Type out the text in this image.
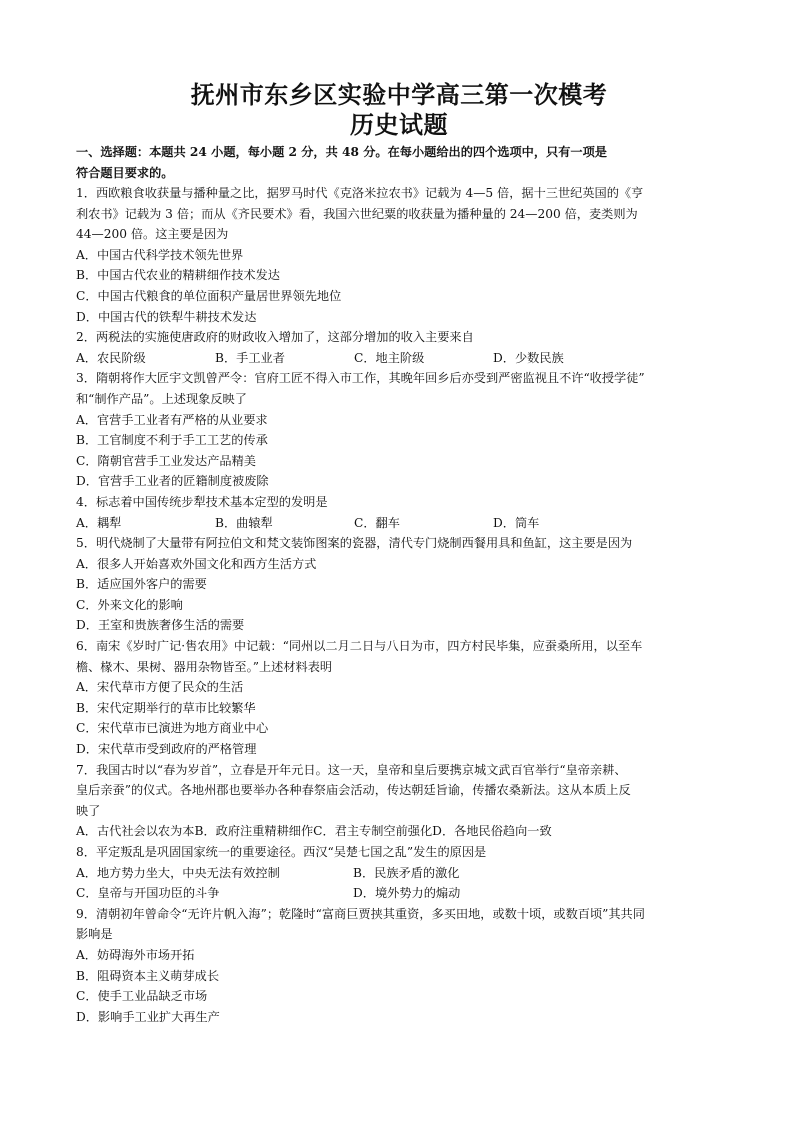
抚州市东乡区实验中学高三第一次模考
历史试题
一、选择题：本题共 24 小题，每小题 2 分，共 48 分。在每小题给出的四个选项中，只有一项是
符合题目要求的。
1．西欧粮食收获量与播种量之比，据罗马时代《克洛米拉农书》记载为 4—5 倍，据十三世纪英国的《亨
利农书》记载为 3 倍；而从《齐民要术》看，我国六世纪粟的收获量为播种量的 24—200 倍，麦类则为
44—200 倍。这主要是因为
A．中国古代科学技术领先世界
B．中国古代农业的精耕细作技术发达
C．中国古代粮食的单位面积产量居世界领先地位
D．中国古代的铁犁牛耕技术发达
2．两税法的实施使唐政府的财政收入增加了，这部分增加的收入主要来自
A．农民阶级	B．手工业者	C．地主阶级	D．少数民族
3．隋朝将作大匠宇文凯曾严令：官府工匠不得入市工作，其晚年回乡后亦受到严密监视且不许“收授学徒”
和“制作产品”。上述现象反映了
A．官营手工业者有严格的从业要求
B．工官制度不利于手工工艺的传承
C．隋朝官营手工业发达产品精美
D．官营手工业者的匠籍制度被废除
4．标志着中国传统步犁技术基本定型的发明是
A．耦犁	B．曲辕犁	C．翻车	D．筒车
5．明代烧制了大量带有阿拉伯文和梵文装饰图案的瓷器，清代专门烧制西餐用具和鱼缸，这主要是因为
A．很多人开始喜欢外国文化和西方生活方式
B．适应国外客户的需要
C．外来文化的影响
D．王室和贵族奢侈生活的需要
6．南宋《岁时广记·售农用》中记载：“同州以二月二日与八日为市，四方村民毕集，应蚕桑所用，以至车
檐、椽木、果树、器用杂物皆至。”上述材料表明
A．宋代草市方便了民众的生活
B．宋代定期举行的草市比较繁华
C．宋代草市已演进为地方商业中心
D．宋代草市受到政府的严格管理
7．我国古时以“春为岁首”，立春是开年元日。这一天，皇帝和皇后要携京城文武百官举行“皇帝亲耕、
皇后亲蚕”的仪式。各地州郡也要举办各种春祭庙会活动，传达朝廷旨谕，传播农桑新法。这从本质上反
映了
A．古代社会以农为本 B．政府注重精耕细作 C．君主专制空前强化 D．各地民俗趋向一致
8．平定叛乱是巩固国家统一的重要途径。西汉“吴楚七国之乱”发生的原因是
A．地方势力坐大，中央无法有效控制	B．民族矛盾的激化
C．皇帝与开国功臣的斗争	D．境外势力的煽动
9．清朝初年曾命令“无许片帆入海”；乾隆时“富商巨贾挟其重资，多买田地，或数十顷，或数百顷”其共同
影响是
A．妨碍海外市场开拓
B．阻碍资本主义萌芽成长
C．使手工业品缺乏市场
D．影响手工业扩大再生产
